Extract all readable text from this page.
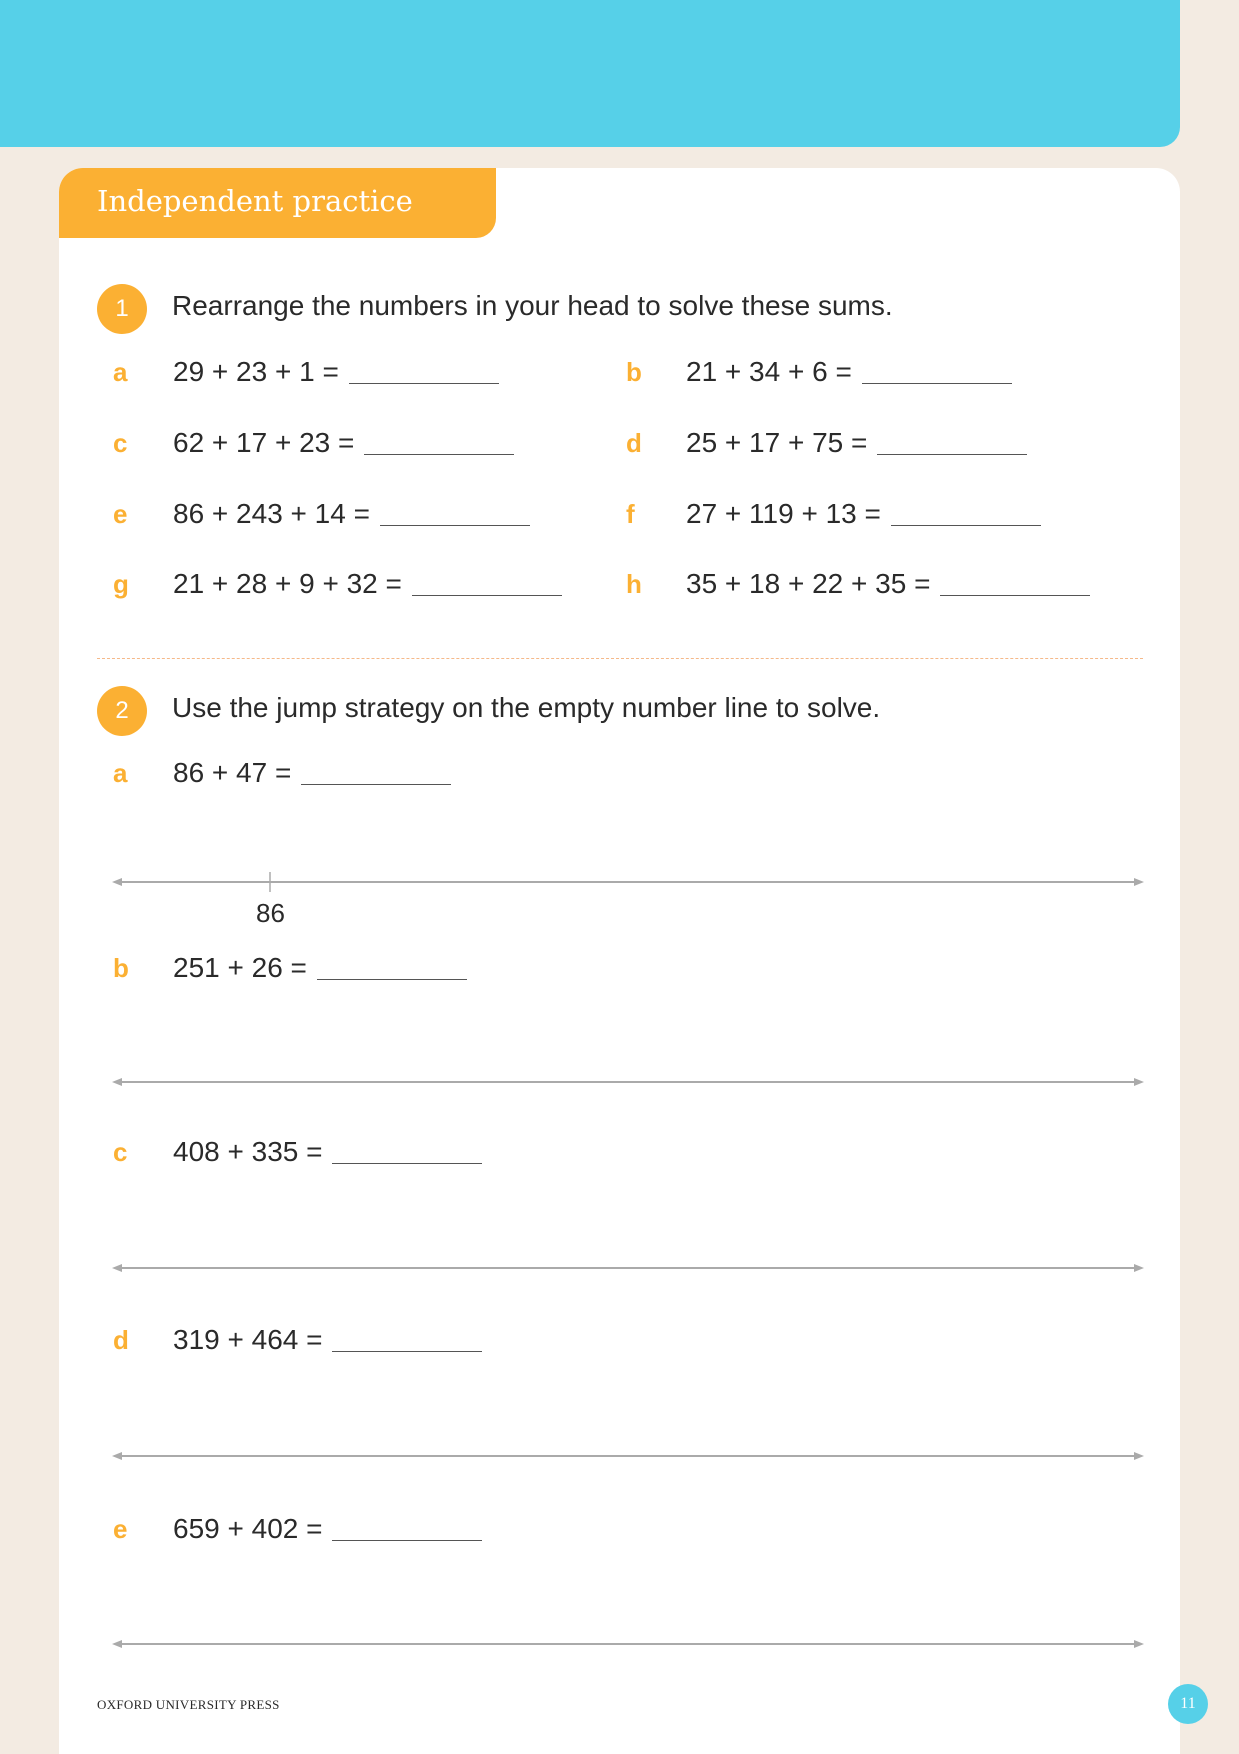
Independent practice
1	Rearrange the numbers in your head to solve these sums.
a	29 + 23 + 1 =	b	21 + 34 + 6 =
c	62 + 17 + 23 =	d	25 + 17 + 75 =
e	86 + 243 + 14 =	f	27 + 119 + 13 =
g	21 + 28 + 9 + 32 =	h	35 + 18 + 22 + 35 =
2	Use the jump strategy on the empty number line to solve.
a	86 + 47 =
86
b	251 + 26 =
c	408 + 335 =
d	319 + 464 =
e	659 + 402 =
OXFORD UNIVERSITY PRESS	11
